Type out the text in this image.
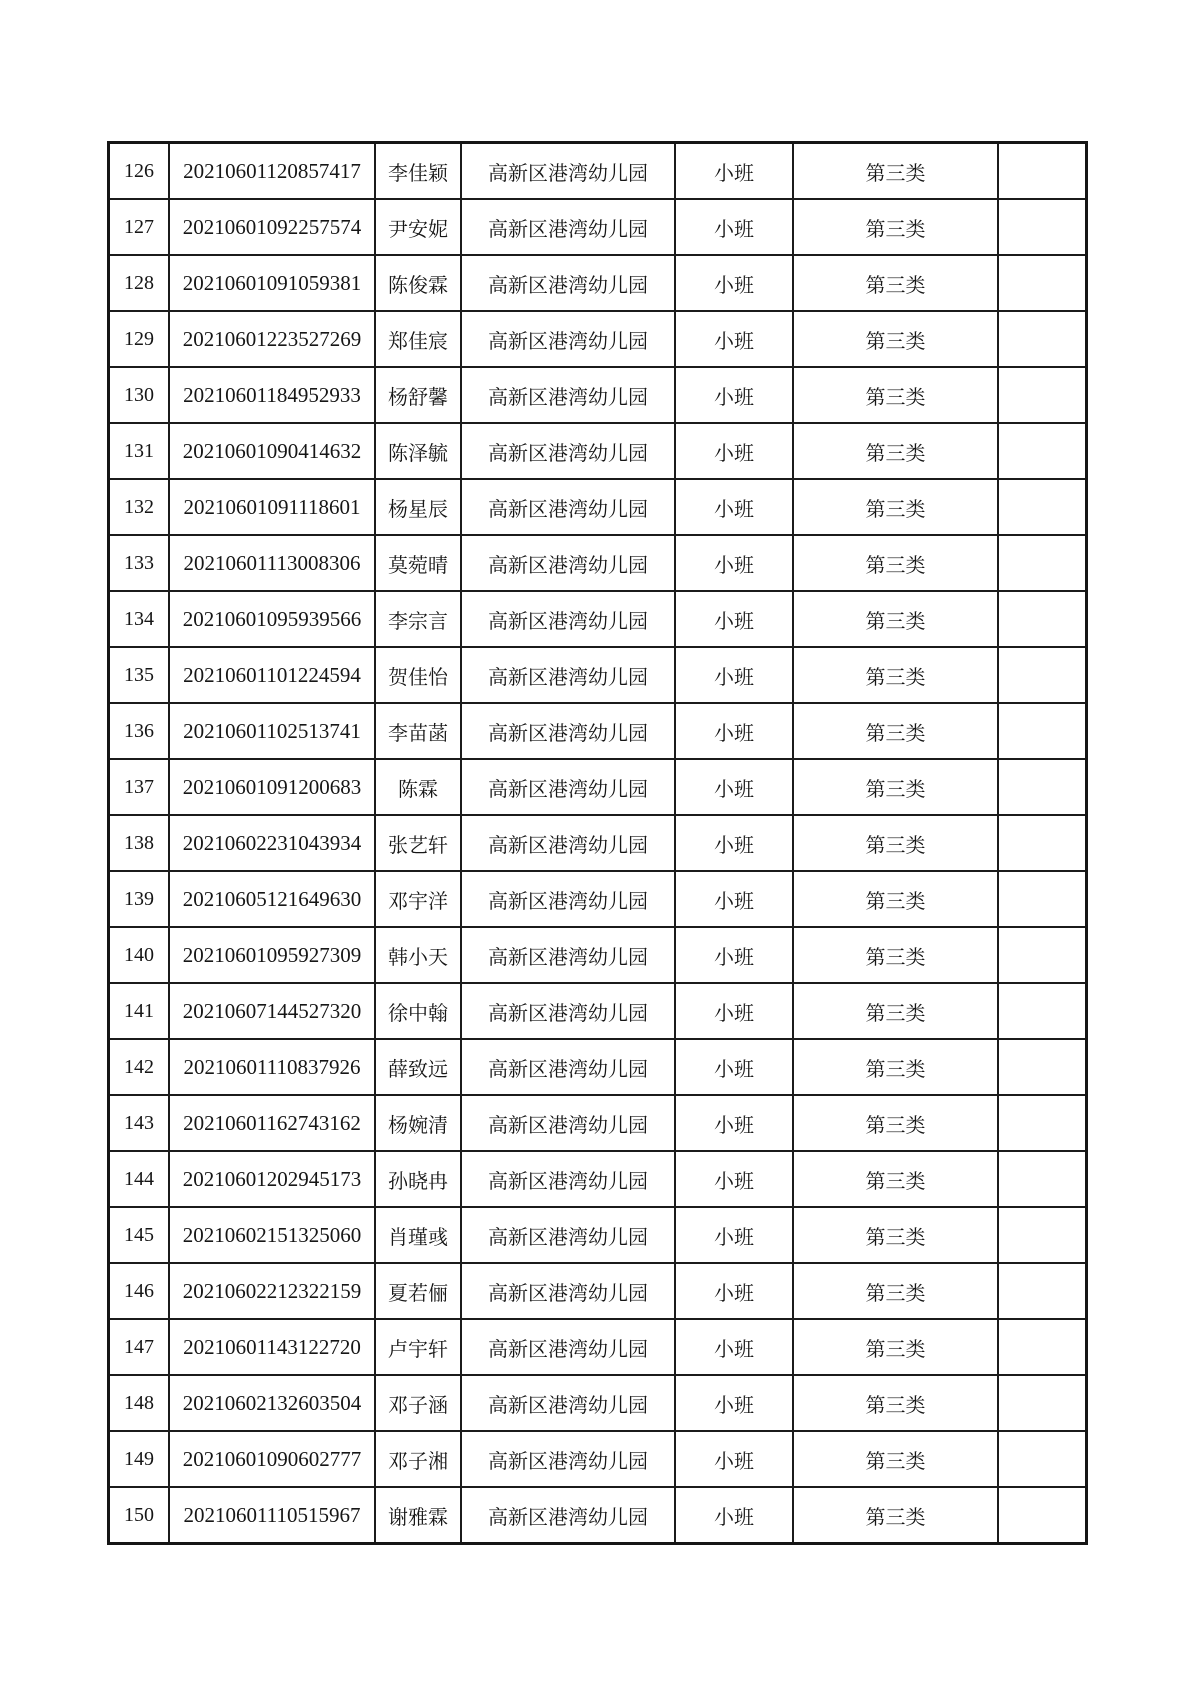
126	20210601120857417	李佳颖	高新区港湾幼儿园	小班	第三类	
127	20210601092257574	尹安妮	高新区港湾幼儿园	小班	第三类	
128	20210601091059381	陈俊霖	高新区港湾幼儿园	小班	第三类	
129	20210601223527269	郑佳宸	高新区港湾幼儿园	小班	第三类	
130	20210601184952933	杨舒馨	高新区港湾幼儿园	小班	第三类	
131	20210601090414632	陈泽毓	高新区港湾幼儿园	小班	第三类	
132	20210601091118601	杨星辰	高新区港湾幼儿园	小班	第三类	
133	20210601113008306	莫菀晴	高新区港湾幼儿园	小班	第三类	
134	20210601095939566	李宗言	高新区港湾幼儿园	小班	第三类	
135	20210601101224594	贺佳怡	高新区港湾幼儿园	小班	第三类	
136	20210601102513741	李苗菡	高新区港湾幼儿园	小班	第三类	
137	20210601091200683	陈霖	高新区港湾幼儿园	小班	第三类	
138	20210602231043934	张艺轩	高新区港湾幼儿园	小班	第三类	
139	20210605121649630	邓宇洋	高新区港湾幼儿园	小班	第三类	
140	20210601095927309	韩小天	高新区港湾幼儿园	小班	第三类	
141	20210607144527320	徐中翰	高新区港湾幼儿园	小班	第三类	
142	20210601110837926	薛致远	高新区港湾幼儿园	小班	第三类	
143	20210601162743162	杨婉清	高新区港湾幼儿园	小班	第三类	
144	20210601202945173	孙晓冉	高新区港湾幼儿园	小班	第三类	
145	20210602151325060	肖瑾彧	高新区港湾幼儿园	小班	第三类	
146	20210602212322159	夏若俪	高新区港湾幼儿园	小班	第三类	
147	20210601143122720	卢宇轩	高新区港湾幼儿园	小班	第三类	
148	20210602132603504	邓子涵	高新区港湾幼儿园	小班	第三类	
149	20210601090602777	邓子湘	高新区港湾幼儿园	小班	第三类	
150	20210601110515967	谢雅霖	高新区港湾幼儿园	小班	第三类	
